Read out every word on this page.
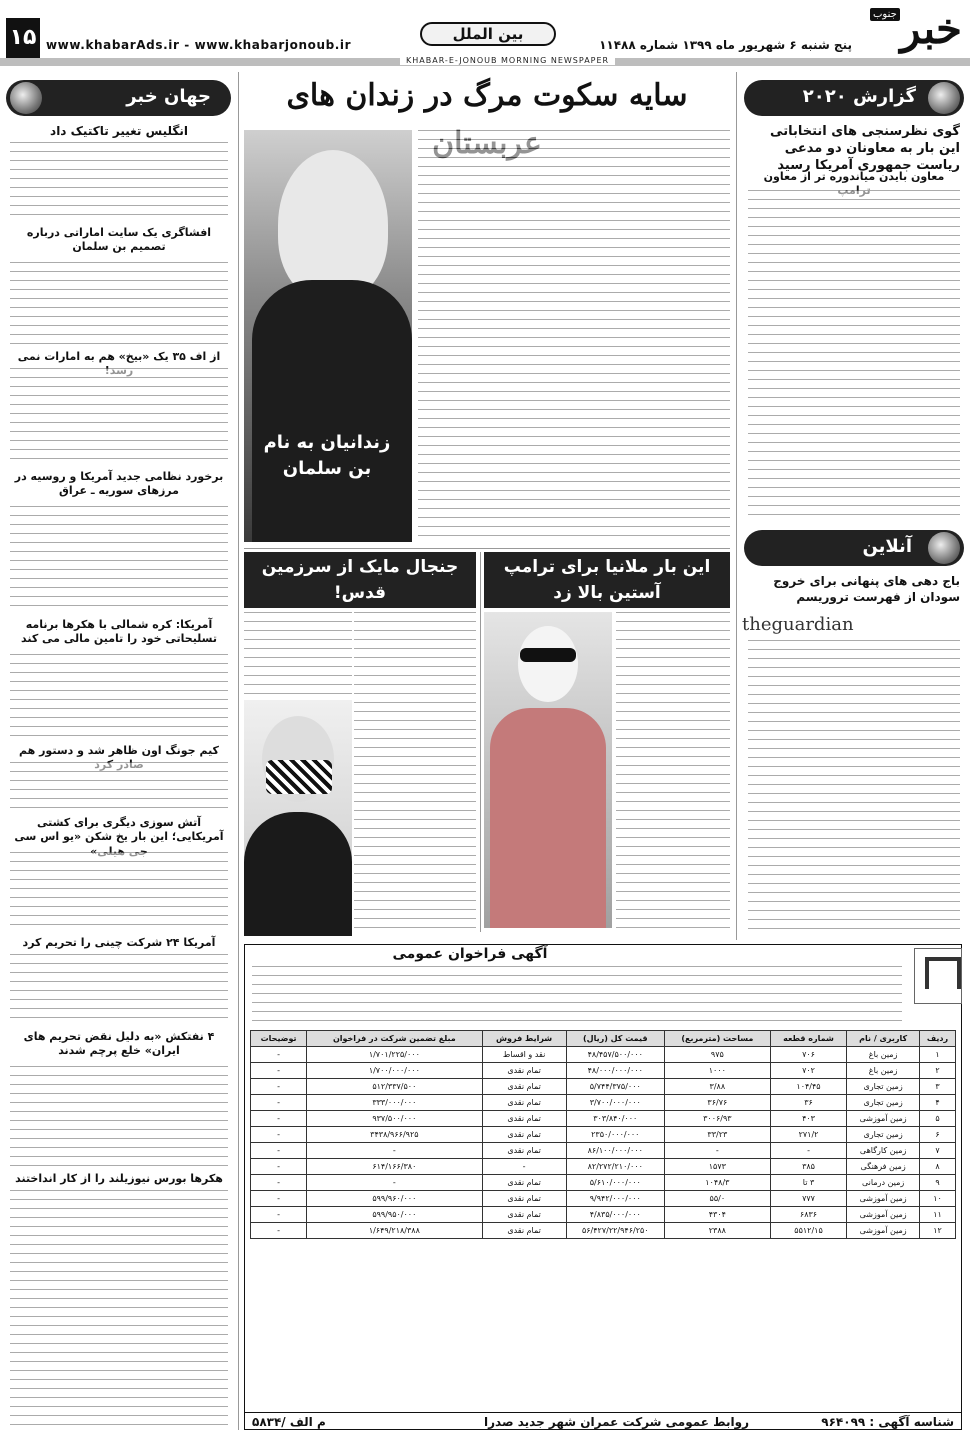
خبر
جنوب
پنج شنبه ۶ شهریور ماه ۱۳۹۹ شماره ۱۱۴۸۸
بین الملل
www.khabarAds.ir - www.khabarjonoub.ir
۱۵
KHABAR-E-JONOUB MORNING NEWSPAPER
گزارش ۲۰۲۰
گوی نظرسنجی های انتخاباتی این بار به معاونان دو مدعی ریاست جمهوری آمریکا رسید
معاون بایدن میاندوره تر از معاون
آنلاین
باج دهی های پنهانی برای خروج سودان از فهرست تروریسم
theguardian
سایه سکوت مرگ در زندان های
زندانیان به نام بن سلمان
این بار ملانیا برای ترامپ آستین بالا زد
جنجال مایک از سرزمین قدس!
جهان خبر
انگلیس تغییر تاکتیک داد
افشاگری یک سایت اماراتی درباره تصمیم بن سلمان
از اف ۳۵ یک «بیخ» هم به امارات نمی
برخورد نظامی جدید آمریکا و روسیه در مرزهای سوریه ـ عراق
آمریکا: کره شمالی با هکرها برنامه تسلیحاتی خود را تامین مالی می کند
کیم جونگ اون ظاهر شد و دستور هم
آتش سوزی دیگری برای کشتی آمریکایی؛ این بار یخ شکن «یو اس سی
آمریکا ۲۴ شرکت چینی را تحریم کرد
۴ نفتکش «به دلیل نقض تحریم های ایران» خلع پرچم شدند
هکرها بورس نیوزیلند را از کار انداختند
آگهی فراخوان عمومی
ردیف	کاربری / نام	شماره قطعه	مساحت (مترمربع)	قیمت کل (ریال)	شرایط فروش	مبلغ تضمین شرکت در فراخوان	توضیحات
۱	زمین باغ	۷۰۶	۹۷۵	۴۸/۴۵۷/۵۰۰/۰۰۰	نقد و اقساط	۱/۷۰۱/۲۲۵/۰۰۰	-
۲	زمین باغ	۷۰۲	۱۰۰۰	۴۸/۰۰۰/۰۰۰/۰۰۰	تمام نقدی	۱/۷۰۰/۰۰۰/۰۰۰	-
۳	زمین تجاری	۱۰۴/۴۵	۳/۸۸	۵/۷۴۴/۳۷۵/۰۰۰	تمام نقدی	۵۱۲/۳۳۷/۵۰۰	-
۴	زمین تجاری	۳۶	۳۶/۷۶	۳/۷۰۰/۰۰۰/۰۰۰	تمام نقدی	۳۳۳/۰۰۰/۰۰۰	-
۵	زمین آموزشی	۴۰۳	۳۰۰۶/۹۳	۳۰۳/۸۴۰/۰۰۰	تمام نقدی	۹۳۷/۵۰۰/۰۰۰	-
۶	زمین تجاری	۲۷۱/۲	۳۳/۲۳	۲۳۵۰/۰۰۰/۰۰۰	تمام نقدی	۳۴۳۸/۹۶۶/۹۲۵	-
۷	زمین کارگاهی	-	-	۸۶/۱۰۰/۰۰۰/۰۰۰	تمام نقدی	-	-
۸	زمین فرهنگی	۳۸۵	۱۵۷۳	۸۲/۲۷۲/۲۱۰/۰۰۰	-	۶۱۴/۱۶۶/۳۸۰	-
۹	زمین درمانی	۳ تا	۱۰۴۸/۳	۵/۶۱۰/۰۰۰/۰۰۰	تمام نقدی	-	-
۱۰	زمین آموزشی	۷۷۷	۵۵/۰	۹/۹۴۲/۰۰۰/۰۰۰	تمام نقدی	۵۹۹/۹۶۰/۰۰۰	-
۱۱	زمین آموزشی	۶۸۳۶	۴۳۰۴	۴/۸۳۵/۰۰۰/۰۰۰	تمام نقدی	۵۹۹/۹۵۰/۰۰۰	-
۱۲	زمین آموزشی	۵۵۱۲/۱۵	۲۳۸۸	۵۶/۴۲۷/۲۲/۹۴۶/۲۵۰	تمام نقدی	۱/۶۴۹/۲۱۸/۳۸۸	-
شناسه آگهی : ۹۶۴۰۹۹
روابط عمومی شرکت عمران شهر جدید صدرا
م الف /۵۸۳۴
